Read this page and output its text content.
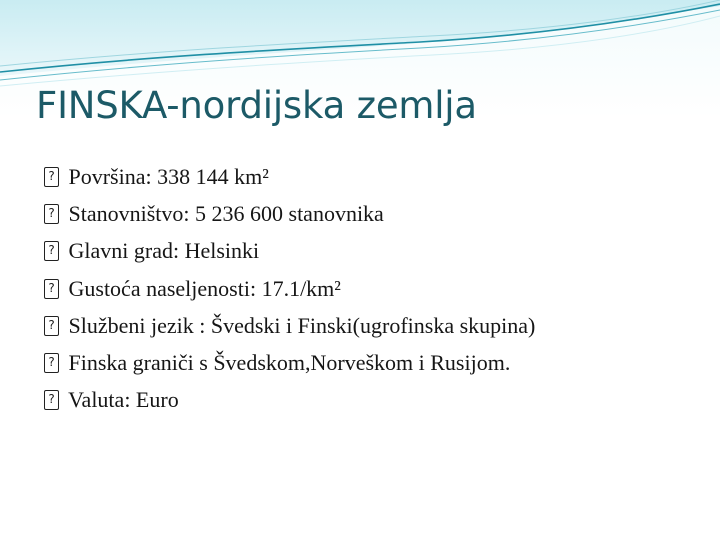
FINSKA-nordijska zemlja
? Površina: 338 144 km²
? Stanovništvo: 5 236 600 stanovnika
? Glavni grad: Helsinki
? Gustoća naseljenosti: 17.1/km²
? Službeni jezik : Švedski i Finski(ugrofinska skupina)
? Finska graniči s Švedskom,Norveškom i Rusijom.
? Valuta: Euro
